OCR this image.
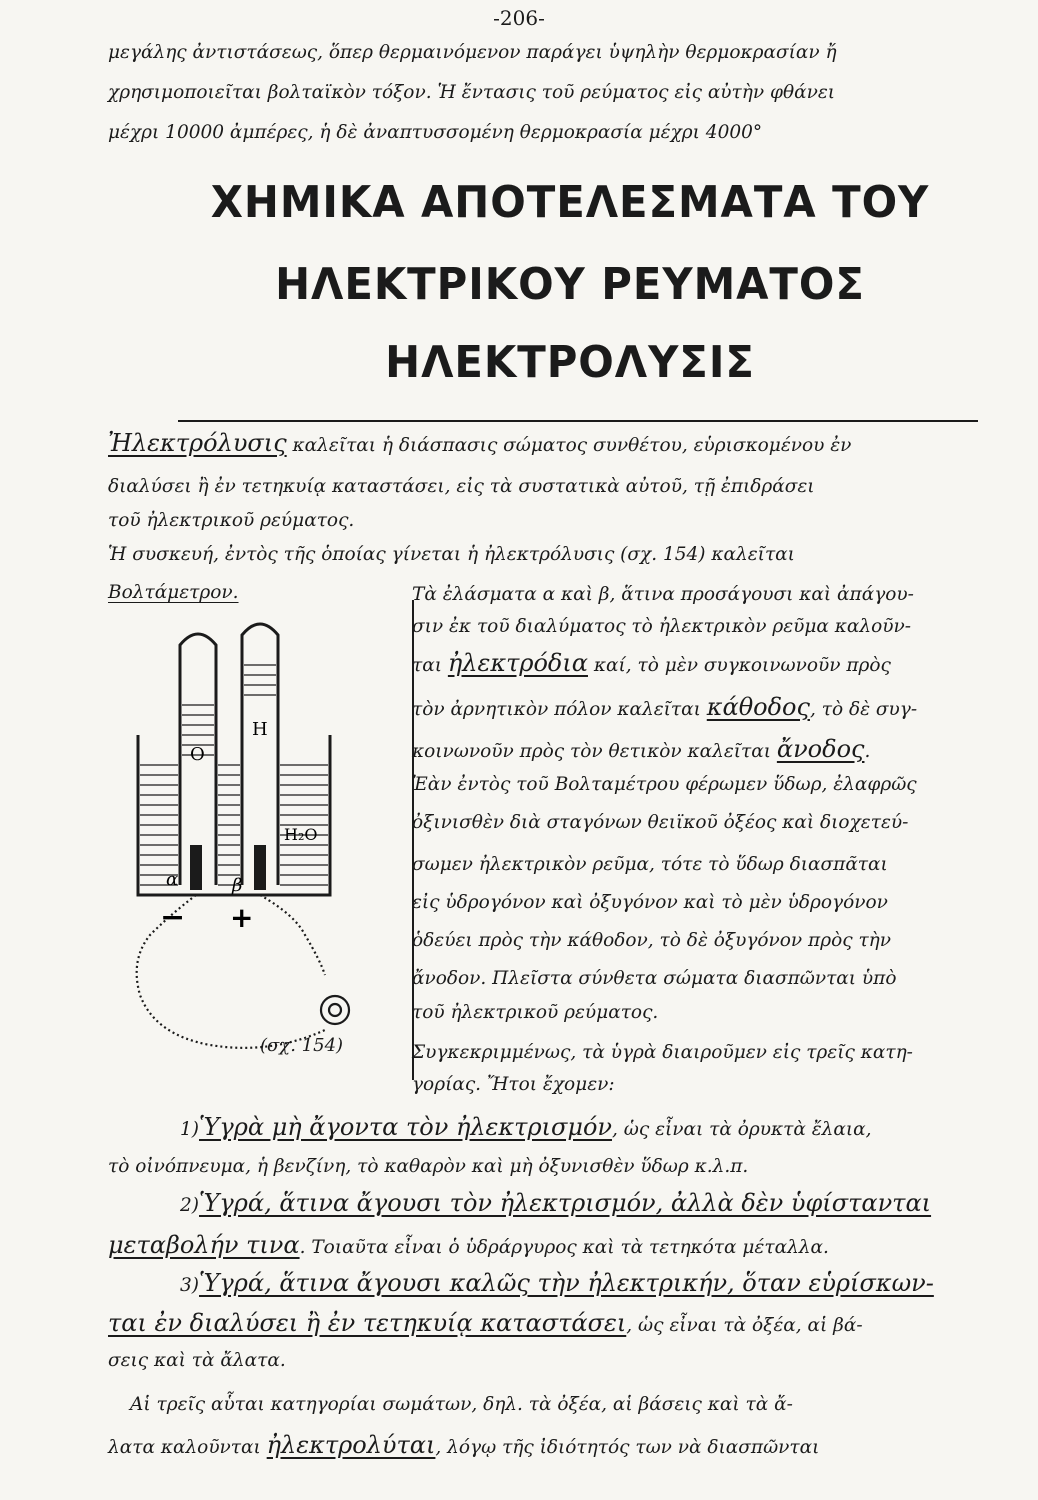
-206-
μεγάλης ἀντιστάσεως, ὅπερ θερμαινόμενον παράγει ὑψηλὴν θερμοκρασίαν ἤ
χρησιμοποιεῖται βολταϊκὸν τόξον. Ἡ ἔντασις τοῦ ρεύματος εἰς αὐτὴν φθάνει
μέχρι 10000 ἀμπέρες, ἡ δὲ ἀναπτυσσομένη θερμοκρασία μέχρι 4000°
ΧΗΜΙΚΑ ΑΠΟΤΕΛΕΣΜΑΤΑ ΤΟΥ
ΗΛΕΚΤΡΙΚΟΥ ΡΕΥΜΑΤΟΣ
ΗΛΕΚΤΡΟΛΥΣΙΣ
Ἠλεκτρόλυσις καλεῖται ἡ διάσπασις σώματος συνθέτου, εὑρισκομένου ἐν
διαλύσει ἢ ἐν τετηκυίᾳ καταστάσει, εἰς τὰ συστατικὰ αὐτοῦ, τῇ ἐπιδράσει
τοῦ ἠλεκτρικοῦ ρεύματος.
Ἡ συσκευή, ἐντὸς τῆς ὁποίας γίνεται ἡ ἠλεκτρόλυσις (σχ. 154) καλεῖται
Βολτάμετρον.
O
H
H₂O
α	β
− +
(σχ. 154)
Τὰ ἐλάσματα α καὶ β, ἅτινα προσάγουσι καὶ ἀπάγου-
σιν ἐκ τοῦ διαλύματος τὸ ἠλεκτρικὸν ρεῦμα καλοῦν-
ται ἠλεκτρόδια καί, τὸ μὲν συγκοινωνοῦν πρὸς
τὸν ἀρνητικὸν πόλον καλεῖται κάθοδος, τὸ δὲ συγ-
κοινωνοῦν πρὸς τὸν θετικὸν καλεῖται ἄνοδος.
Ἐὰν ἐντὸς τοῦ Βολταμέτρου φέρωμεν ὕδωρ, ἐλαφρῶς
ὀξινισθὲν διὰ σταγόνων θειϊκοῦ ὀξέος καὶ διοχετεύ-
σωμεν ἠλεκτρικὸν ρεῦμα, τότε τὸ ὕδωρ διασπᾶται
εἰς ὑδρογόνον καὶ ὀξυγόνον καὶ τὸ μὲν ὑδρογόνον
ὁδεύει πρὸς τὴν κάθοδον, τὸ δὲ ὀξυγόνον πρὸς τὴν
ἄνοδον. Πλεῖστα σύνθετα σώματα διασπῶνται ὑπὸ
τοῦ ἠλεκτρικοῦ ρεύματος.
Συγκεκριμμένως, τὰ ὑγρὰ διαιροῦμεν εἰς τρεῖς κατη-
γορίας. Ἤτοι ἔχομεν:
1)Ὑγρὰ μὴ ἄγοντα τὸν ἠλεκτρισμόν, ὡς εἶναι τὰ ὀρυκτὰ ἔλαια,
τὸ οἰνόπνευμα, ἡ βενζίνη, τὸ καθαρὸν καὶ μὴ ὀξυνισθὲν ὕδωρ κ.λ.π.
2)Ὑγρά, ἅτινα ἄγουσι τὸν ἠλεκτρισμόν, ἀλλὰ δὲν ὑφίστανται
μεταβολήν τινα. Τοιαῦτα εἶναι ὁ ὑδράργυρος καὶ τὰ τετηκότα μέταλλα.
3)Ὑγρά, ἅτινα ἄγουσι καλῶς τὴν ἠλεκτρικήν, ὅταν εὑρίσκων-
ται ἐν διαλύσει ἢ ἐν τετηκυίᾳ καταστάσει, ὡς εἶναι τὰ ὀξέα, αἱ βά-
σεις καὶ τὰ ἄλατα.
Αἱ τρεῖς αὗται κατηγορίαι σωμάτων, δηλ. τὰ ὀξέα, αἱ βάσεις καὶ τὰ ἄ-
λατα καλοῦνται ἠλεκτρολύται, λόγῳ τῆς ἰδιότητός των νὰ διασπῶνται
